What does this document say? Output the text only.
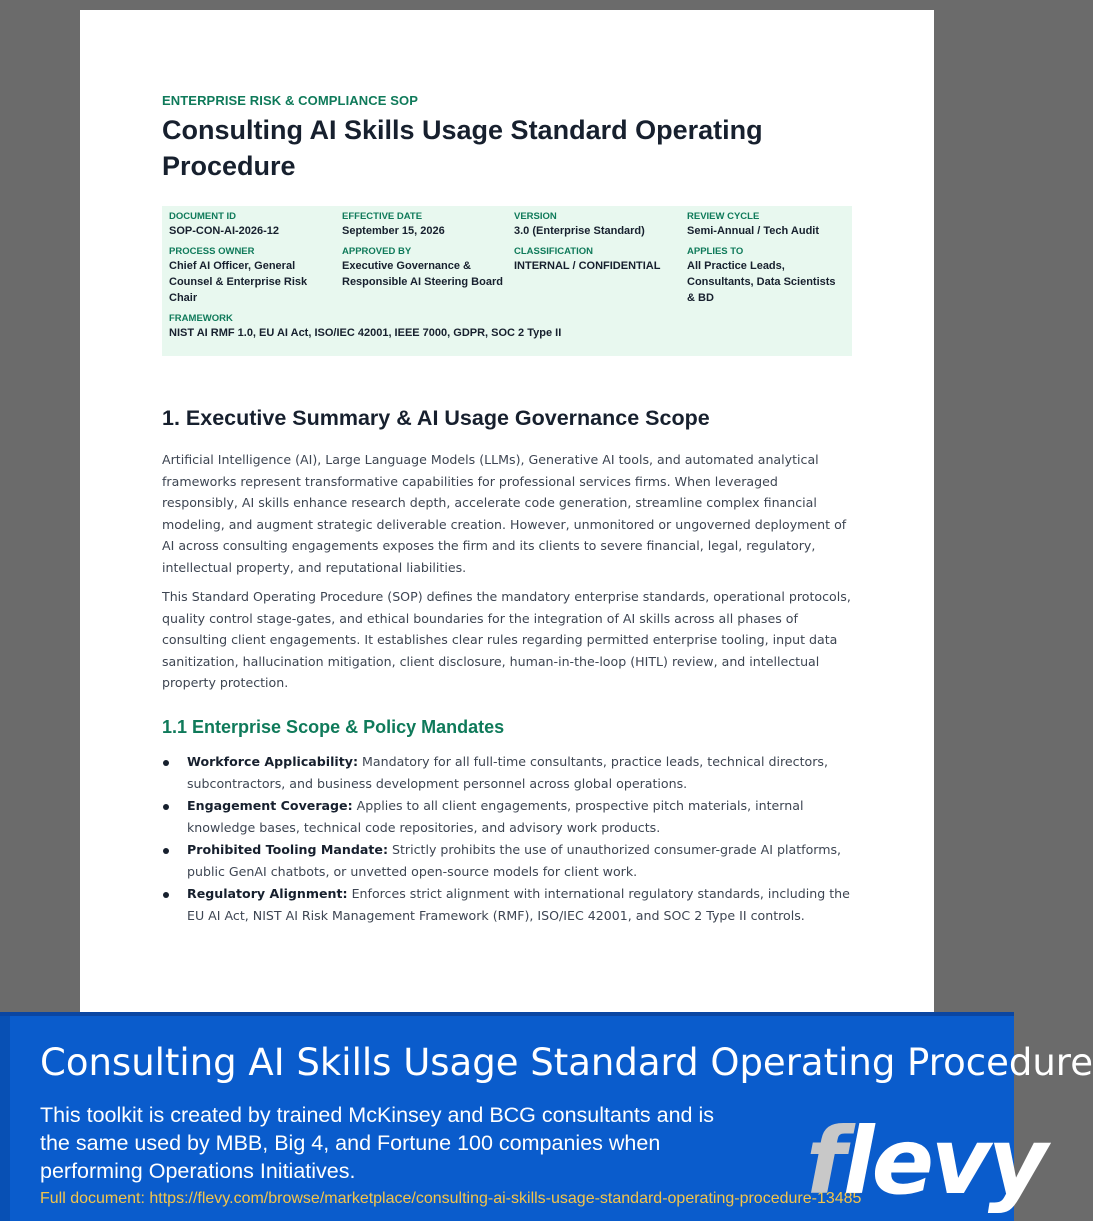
ENTERPRISE RISK & COMPLIANCE SOP
Consulting AI Skills Usage Standard Operating Procedure
DOCUMENT ID
SOP-CON-AI-2026-12
EFFECTIVE DATE
September 15, 2026
VERSION
3.0 (Enterprise Standard)
REVIEW CYCLE
Semi-Annual / Tech Audit
PROCESS OWNER
Chief AI Officer, General Counsel & Enterprise Risk Chair
APPROVED BY
Executive Governance & Responsible AI Steering Board
CLASSIFICATION
INTERNAL / CONFIDENTIAL
APPLIES TO
All Practice Leads, Consultants, Data Scientists & BD
FRAMEWORK
NIST AI RMF 1.0, EU AI Act, ISO/IEC 42001, IEEE 7000, GDPR, SOC 2 Type II
1. Executive Summary & AI Usage Governance Scope

Artificial Intelligence (AI), Large Language Models (LLMs), Generative AI tools, and automated analytical frameworks represent transformative capabilities for professional services firms. When leveraged responsibly, AI skills enhance research depth, accelerate code generation, streamline complex financial modeling, and augment strategic deliverable creation. However, unmonitored or ungoverned deployment of AI across consulting engagements exposes the firm and its clients to severe financial, legal, regulatory, intellectual property, and reputational liabilities.

This Standard Operating Procedure (SOP) defines the mandatory enterprise standards, operational protocols, quality control stage-gates, and ethical boundaries for the integration of AI skills across all phases of consulting client engagements. It establishes clear rules regarding permitted enterprise tooling, input data sanitization, hallucination mitigation, client disclosure, human-in-the-loop (HITL) review, and intellectual property protection.

1.1 Enterprise Scope & Policy Mandates
Workforce Applicability: Mandatory for all full-time consultants, practice leads, technical directors, subcontractors, and business development personnel across global operations.
Engagement Coverage: Applies to all client engagements, prospective pitch materials, internal knowledge bases, technical code repositories, and advisory work products.
Prohibited Tooling Mandate: Strictly prohibits the use of unauthorized consumer-grade AI platforms, public GenAI chatbots, or unvetted open-source models for client work.
Regulatory Alignment: Enforces strict alignment with international regulatory standards, including the EU AI Act, NIST AI Risk Management Framework (RMF), ISO/IEC 42001, and SOC 2 Type II controls.
Consulting AI Skills Usage Standard Operating Procedure

This toolkit is created by trained McKinsey and BCG consultants and is the same used by MBB, Big 4, and Fortune 100 companies when performing Operations Initiatives.

Full document: https://flevy.com/browse/marketplace/consulting-ai-skills-usage-standard-operating-procedure-13485

flevy
